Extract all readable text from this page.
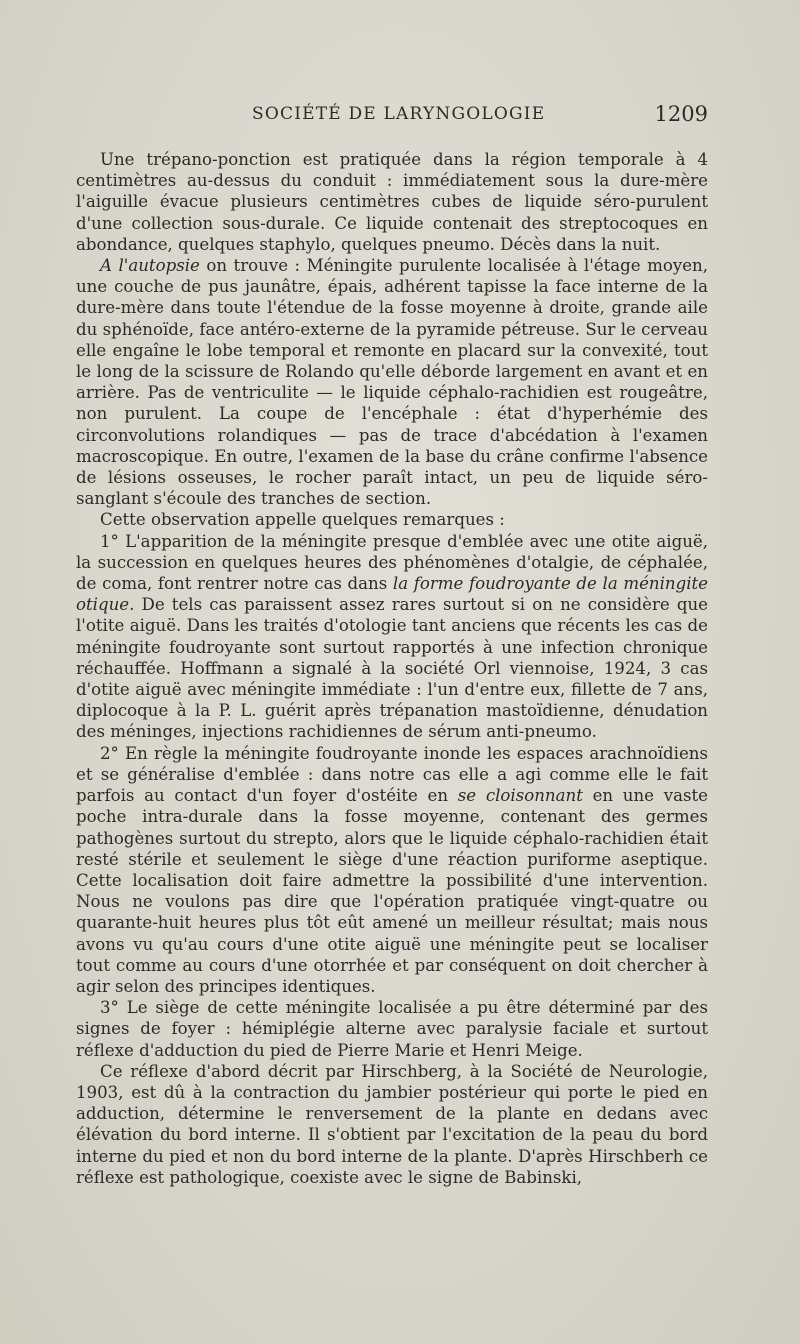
SOCIÉTÉ DE LARYNGOLOGIE	1209

Une trépano-ponction est pratiquée dans la région temporale à 4 centimètres au-dessus du conduit : immédiatement sous la dure-mère l'aiguille évacue plusieurs centimètres cubes de liquide séro-purulent d'une collection sous-durale. Ce liquide contenait des streptocoques en abondance, quelques staphylo, quelques pneumo. Décès dans la nuit.

A l'autopsie on trouve : Méningite purulente localisée à l'étage moyen, une couche de pus jaunâtre, épais, adhérent tapisse la face interne de la dure-mère dans toute l'étendue de la fosse moyenne à droite, grande aile du sphénoïde, face antéro-externe de la pyramide pétreuse. Sur le cerveau elle engaîne le lobe temporal et remonte en placard sur la convexité, tout le long de la scissure de Rolando qu'elle déborde largement en avant et en arrière. Pas de ventriculite — le liquide céphalo-rachidien est rougeâtre, non purulent. La coupe de l'encéphale : état d'hyperhémie des circonvolutions rolandiques — pas de trace d'abcédation à l'examen macroscopique. En outre, l'examen de la base du crâne confirme l'absence de lésions osseuses, le rocher paraît intact, un peu de liquide séro-sanglant s'écoule des tranches de section.

Cette observation appelle quelques remarques :

1° L'apparition de la méningite presque d'emblée avec une otite aiguë, la succession en quelques heures des phénomènes d'otalgie, de céphalée, de coma, font rentrer notre cas dans la forme foudroyante de la méningite otique. De tels cas paraissent assez rares surtout si on ne considère que l'otite aiguë. Dans les traités d'otologie tant anciens que récents les cas de méningite foudroyante sont surtout rapportés à une infection chronique réchauffée. Hoffmann a signalé à la société Orl viennoise, 1924, 3 cas d'otite aiguë avec méningite immédiate : l'un d'entre eux, fillette de 7 ans, diplocoque à la P. L. guérit après trépanation mastoïdienne, dénudation des méninges, injections rachidiennes de sérum anti-pneumo.

2° En règle la méningite foudroyante inonde les espaces arachnoïdiens et se généralise d'emblée : dans notre cas elle a agi comme elle le fait parfois au contact d'un foyer d'ostéite en se cloisonnant en une vaste poche intra-durale dans la fosse moyenne, contenant des germes pathogènes surtout du strepto, alors que le liquide céphalo-rachidien était resté stérile et seulement le siège d'une réaction puriforme aseptique. Cette localisation doit faire admettre la possibilité d'une intervention. Nous ne voulons pas dire que l'opération pratiquée vingt-quatre ou quarante-huit heures plus tôt eût amené un meilleur résultat; mais nous avons vu qu'au cours d'une otite aiguë une méningite peut se localiser tout comme au cours d'une otorrhée et par conséquent on doit chercher à agir selon des principes identiques.

3° Le siège de cette méningite localisée a pu être déterminé par des signes de foyer : hémiplégie alterne avec paralysie faciale et surtout réflexe d'adduction du pied de Pierre Marie et Henri Meige.

Ce réflexe d'abord décrit par Hirschberg, à la Société de Neurologie, 1903, est dû à la contraction du jambier postérieur qui porte le pied en adduction, détermine le renversement de la plante en dedans avec élévation du bord interne. Il s'obtient par l'excitation de la peau du bord interne du pied et non du bord interne de la plante. D'après Hirschberh ce réflexe est pathologique, coexiste avec le signe de Babinski,
